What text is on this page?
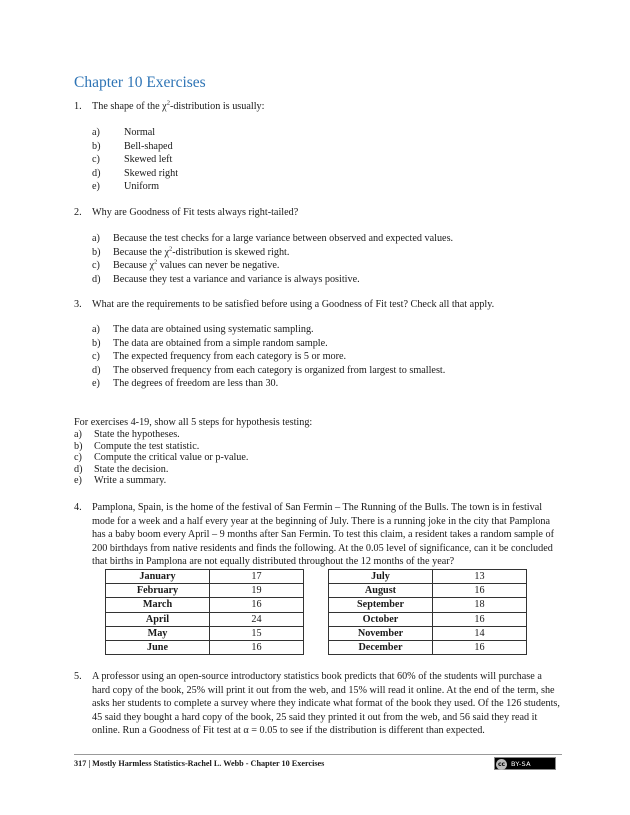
Chapter 10 Exercises
1. The shape of the $\chi^2$-distribution is usually:
a) Normal
b) Bell-shaped
c) Skewed left
d) Skewed right
e) Uniform
2. Why are Goodness of Fit tests always right-tailed?
a) Because the test checks for a large variance between observed and expected values.
b) Because the $\chi^2$-distribution is skewed right.
c) Because $\chi^2$ values can never be negative.
d) Because they test a variance and variance is always positive.
3. What are the requirements to be satisfied before using a Goodness of Fit test? Check all that apply.
a) The data are obtained using systematic sampling.
b) The data are obtained from a simple random sample.
c) The expected frequency from each category is 5 or more.
d) The observed frequency from each category is organized from largest to smallest.
e) The degrees of freedom are less than 30.
For exercises 4-19, show all 5 steps for hypothesis testing:
a) State the hypotheses.
b) Compute the test statistic.
c) Compute the critical value or p-value.
d) State the decision.
e) Write a summary.
4. Pamplona, Spain, is the home of the festival of San Fermin – The Running of the Bulls. The town is in festival mode for a week and a half every year at the beginning of July. There is a running joke in the city that Pamplona has a baby boom every April – 9 months after San Fermin. To test this claim, a resident takes a random sample of 200 birthdays from native residents and finds the following. At the 0.05 level of significance, can it be concluded that births in Pamplona are not equally distributed throughout the 12 months of the year?
January	17
February	19
March	16
April	24
May	15
June	16
July	13
August	16
September	18
October	16
November	14
December	16
5. A professor using an open-source introductory statistics book predicts that 60% of the students will purchase a hard copy of the book, 25% will print it out from the web, and 15% will read it online. At the end of the term, she asks her students to complete a survey where they indicate what format of the book they used. Of the 126 students, 45 said they bought a hard copy of the book, 25 said they printed it out from the web, and 56 said they read it online. Run a Goodness of Fit test at α = 0.05 to see if the distribution is different than expected.
317 | Mostly Harmless Statistics-Rachel L. Webb - Chapter 10 Exercises	cc BY-SA
